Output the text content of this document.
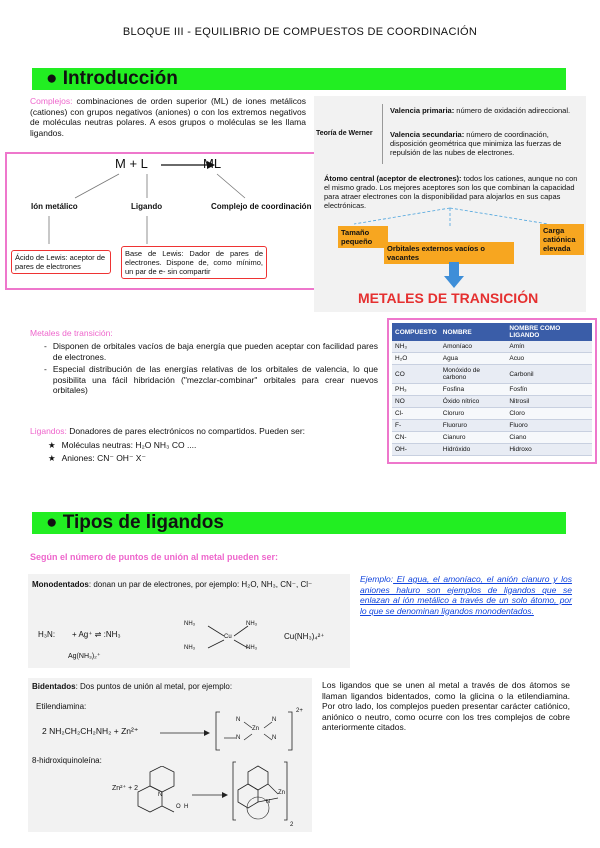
BLOQUE III - EQUILIBRIO DE COMPUESTOS DE COORDINACIÓN
● Introducción
Complejos: combinaciones de orden superior (ML) de iones metálicos (cationes) con grupos negativos (aniones) o con los extremos negativos de moléculas neutras polares. A esos grupos o moléculas se les llama ligandos.
M + L →
ML
Ión metálico	Ligando	Complejo de coordinación
Ácido de Lewis: aceptor de pares de electrones
Base de Lewis: Dador de pares de electrones. Dispone de, como mínimo, un par de e- sin compartir
Teoría de Werner
Valencia primaria: número de oxidación adireccional.
Valencia secundaria: número de coordinación, disposición geométrica que minimiza las fuerzas de repulsión de las nubes de electrones.
Átomo central (aceptor de electrones): todos los cationes, aunque no con el mismo grado. Los mejores aceptores son los que combinan la capacidad para atraer electrones con la disponibilidad para alojarlos en sus capas electrónicas.
Tamaño pequeño
Orbitales externos vacíos o vacantes
Carga catiónica elevada
METALES DE TRANSICIÓN
Metales de transición:
- Disponen de orbitales vacíos de baja energía que pueden aceptar con facilidad pares de electrones.
- Especial distribución de las energías relativas de los orbitales de valencia, lo que posibilita una fácil hibridación ("mezclar-combinar" orbitales para crear nuevos orbitales)
Ligandos: Donadores de pares electrónicos no compartidos. Pueden ser:
★ Moléculas neutras: H₂O NH₃ CO ....
★ Aniones: CN⁻ OH⁻ X⁻
COMPUESTO	NOMBRE	NOMBRE COMO LIGANDO
NH₃	Amoníaco	Amín
H₂O	Agua	Acuo
CO	Monóxido de carbono	Carbonil
PH₃	Fosfina	Fosfín
NO	Óxido nítrico	Nitrosil
Cl-	Cloruro	Cloro
F-	Fluoruro	Fluoro
CN-	Cianuro	Ciano
OH-	Hidróxido	Hidroxo
● Tipos de ligandos
Según el número de puntos de unión al metal pueden ser:
Monodentados: donan un par de electrones, por ejemplo: H₂O, NH₃, CN⁻, Cl⁻
H₃N: + Ag⁺ ⇌ :NH₃
Ag(NH₃)₂⁺
NH₃
NH₃
Cu
NH₃
NH₃
Cu(NH₃)₄²⁺
Ejemplo: El agua, el amoníaco, el anión cianuro y los aniones haluro son ejemplos de ligandos que se enlazan al ión metálico a través de un solo átomo, por lo que se denominan ligandos monodentados.
Bidentados: Dos puntos de unión al metal, por ejemplo:
Etilendiamina:
2 NH₂CH₂CH₂NH₂ + Zn²⁺ →
N
N
Zn
N
N
2+
8-hidroxiquinoleína:
Zn²⁺ + 2
N
O H
Zn
N
2
Los ligandos que se unen al metal a través de dos átomos se llaman ligandos bidentados, como la glicina o la etilendiamina. Por otro lado, los complejos pueden presentar carácter catiónico, aniónico o neutro, como ocurre con los tres complejos de cobre anteriormente citados.
